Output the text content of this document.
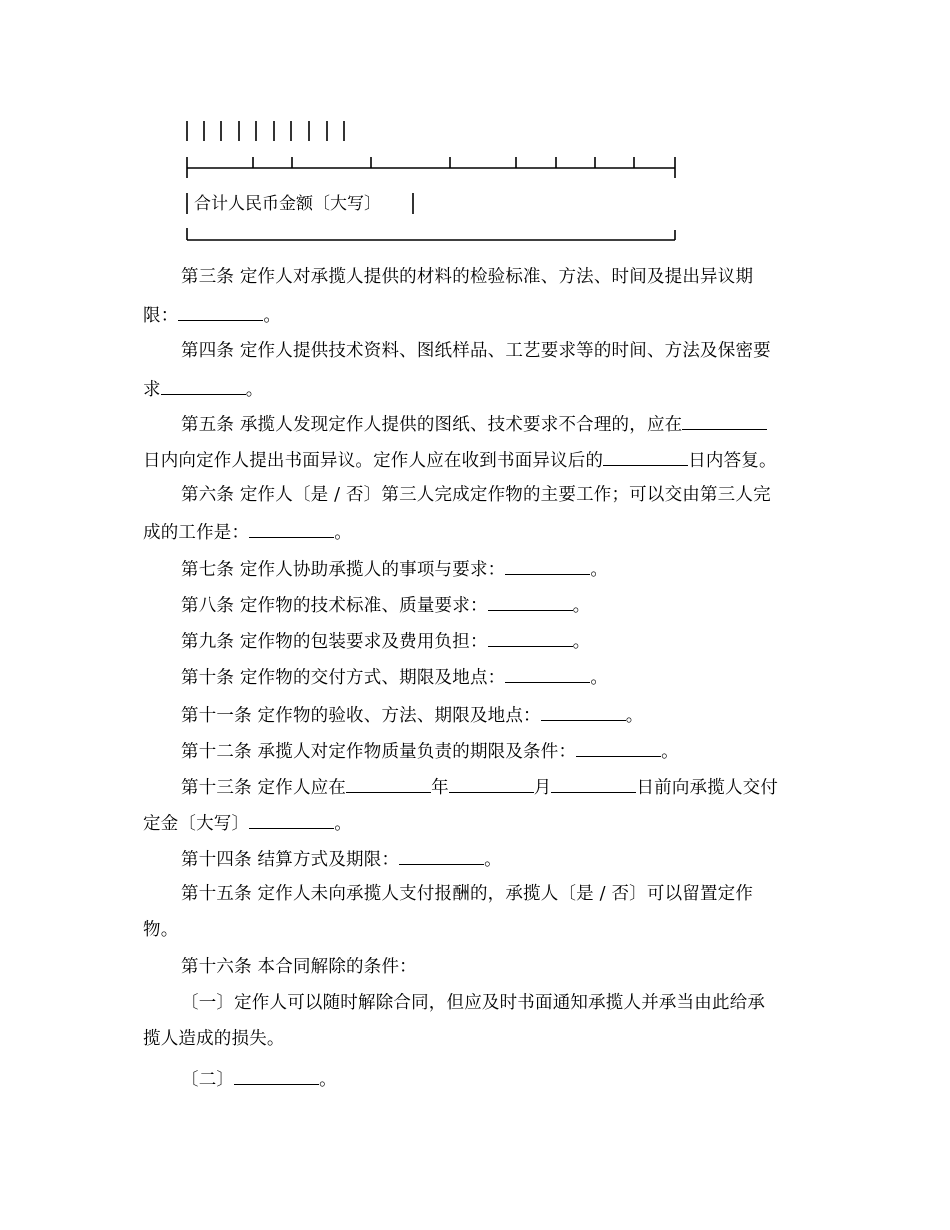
合计人民币金额〔大写〕
第三条 定作人对承揽人提供的材料的检验标准、方法、时间及提出异议期
限：	。
第四条 定作人提供技术资料、图纸样品、工艺要求等的时间、方法及保密要
求	。
第五条 承揽人发现定作人提供的图纸、技术要求不合理的，应在
日内向定作人提出书面异议。定作人应在收到书面异议后的	日内答复。
第六条 定作人〔是 / 否〕第三人完成定作物的主要工作；可以交由第三人完
成的工作是：	。
第七条 定作人协助承揽人的事项与要求：	。
第八条 定作物的技术标准、质量要求：	。
第九条 定作物的包装要求及费用负担：	。
第十条 定作物的交付方式、期限及地点：	。
第十一条 定作物的验收、方法、期限及地点：	。
第十二条 承揽人对定作物质量负责的期限及条件：	。
第十三条 定作人应在	年	月	日前向承揽人交付
定金〔大写〕	。
第十四条 结算方式及期限：	。
第十五条 定作人未向承揽人支付报酬的，承揽人〔是 / 否〕可以留置定作
物。
第十六条 本合同解除的条件：
〔一〕定作人可以随时解除合同，但应及时书面通知承揽人并承当由此给承
揽人造成的损失。
〔二〕	。
